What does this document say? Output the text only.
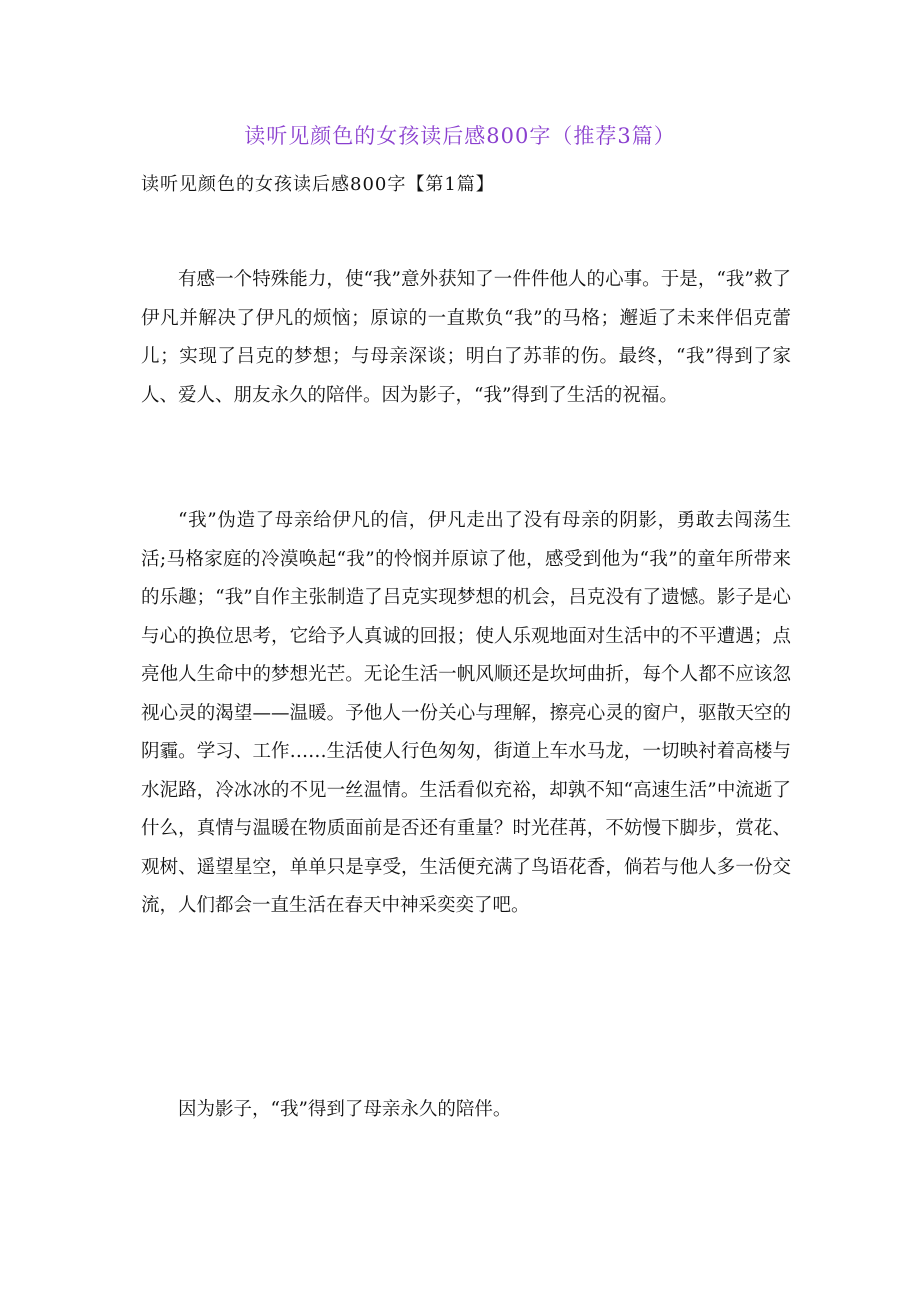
读听见颜色的女孩读后感800字（推荐3篇）
读听见颜色的女孩读后感800字【第1篇】

有感一个特殊能力，使“我”意外获知了一件件他人的心事。于是，“我”救了伊凡并解决了伊凡的烦恼；原谅的一直欺负“我”的马格；邂逅了未来伴侣克蕾儿；实现了吕克的梦想；与母亲深谈；明白了苏菲的伤。最终，“我”得到了家人、爱人、朋友永久的陪伴。因为影子，“我”得到了生活的祝福。

“我”伪造了母亲给伊凡的信，伊凡走出了没有母亲的阴影，勇敢去闯荡生活;马格家庭的冷漠唤起“我”的怜悯并原谅了他，感受到他为“我”的童年所带来的乐趣；“我”自作主张制造了吕克实现梦想的机会，吕克没有了遗憾。影子是心与心的换位思考，它给予人真诚的回报；使人乐观地面对生活中的不平遭遇；点亮他人生命中的梦想光芒。无论生活一帆风顺还是坎坷曲折，每个人都不应该忽视心灵的渴望——温暖。予他人一份关心与理解，擦亮心灵的窗户，驱散天空的阴霾。学习、工作……生活使人行色匆匆，街道上车水马龙，一切映衬着高楼与水泥路，冷冰冰的不见一丝温情。生活看似充裕，却孰不知“高速生活”中流逝了什么，真情与温暖在物质面前是否还有重量？时光荏苒，不妨慢下脚步，赏花、观树、遥望星空，单单只是享受，生活便充满了鸟语花香，倘若与他人多一份交流，人们都会一直生活在春天中神采奕奕了吧。

因为影子，“我”得到了母亲永久的陪伴。
